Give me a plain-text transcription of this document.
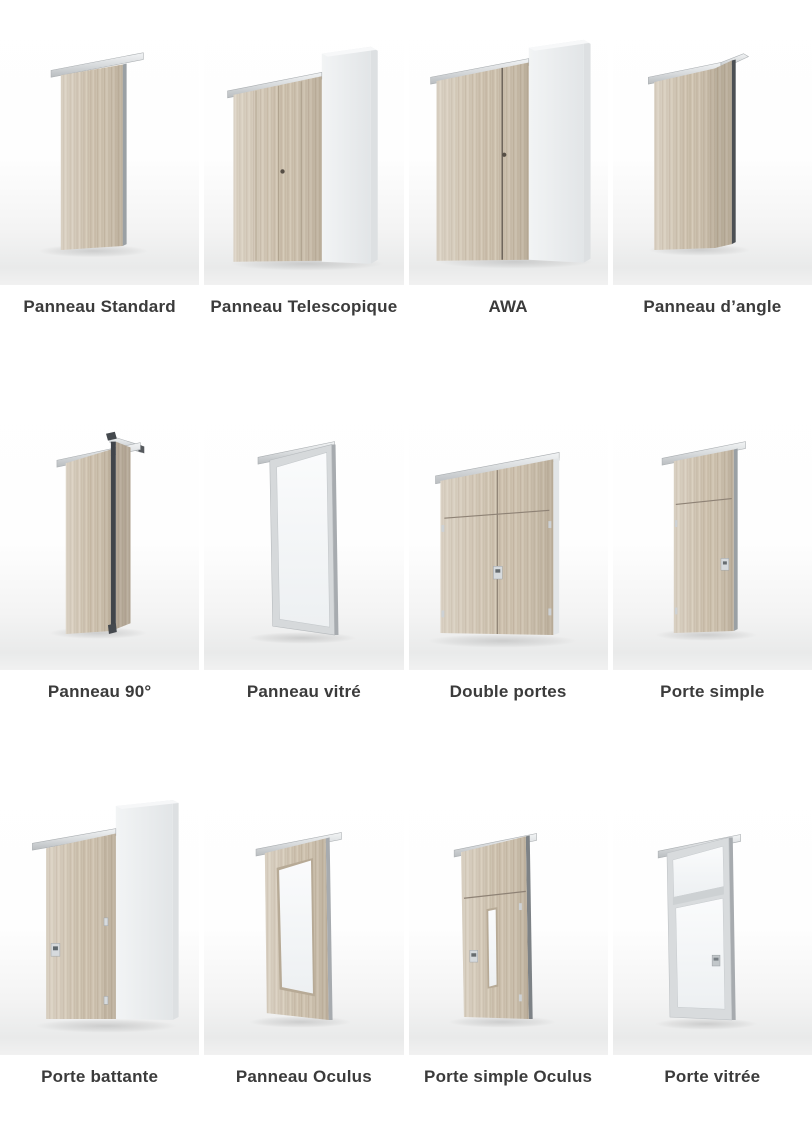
Panneau Standard	Panneau Telescopique	AWA	Panneau d’angle
Panneau 90°	Panneau vitré	Double portes	Porte simple
Porte battante	Panneau Oculus	Porte simple Oculus	Porte vitrée
